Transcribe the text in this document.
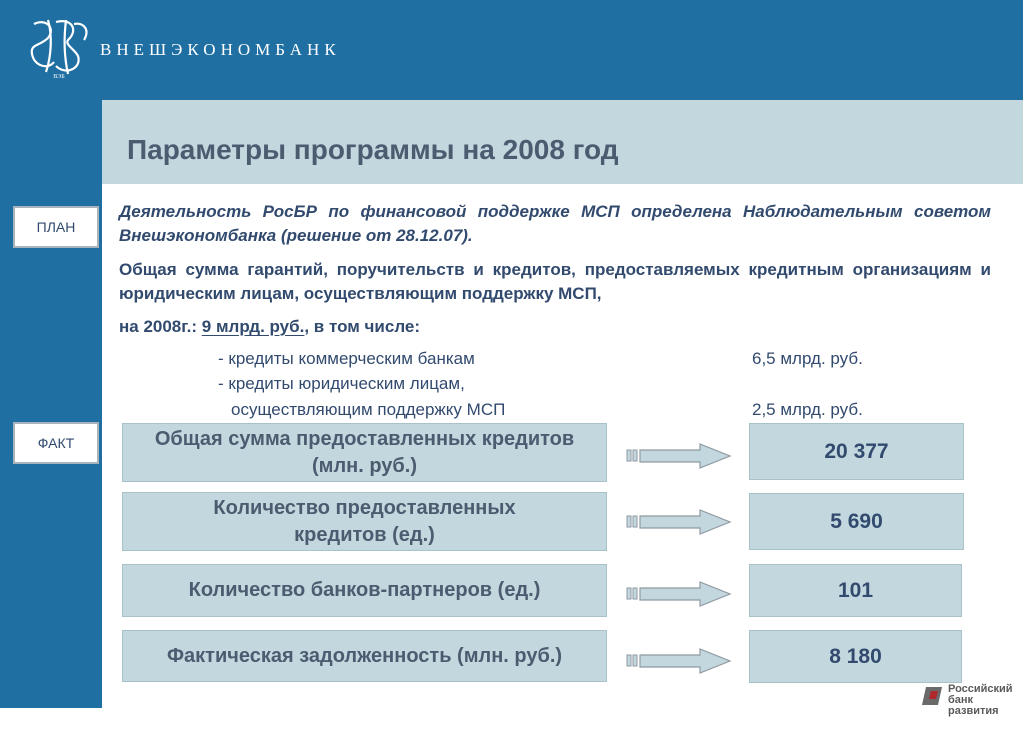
ВЭБ
ВНЕШЭКОНОМБАНК
5
Параметры программы на 2008 год
ПЛАН
ФАКТ

Деятельность РосБР по финансовой поддержке МСП определена Наблюдательным советом Внешэкономбанка (решение от 28.12.07).

Общая сумма гарантий, поручительств и кредитов, предоставляемых кредитным организациям и юридическим лицам, осуществляющим поддержку МСП,

на 2008г.: 9 млрд. руб., в том числе:

- кредиты коммерческим банкам	6,5 млрд. руб.
- кредиты юридическим лицам,
осуществляющим поддержку МСП	2,5 млрд. руб.
Общая сумма предоставленных кредитов (млн. руб.)
Количество предоставленных кредитов (ед.)
Количество банков-партнеров (ед.)
Фактическая задолженность (млн. руб.)
20 377
5 690
101
8 180
Российский
банк развития
